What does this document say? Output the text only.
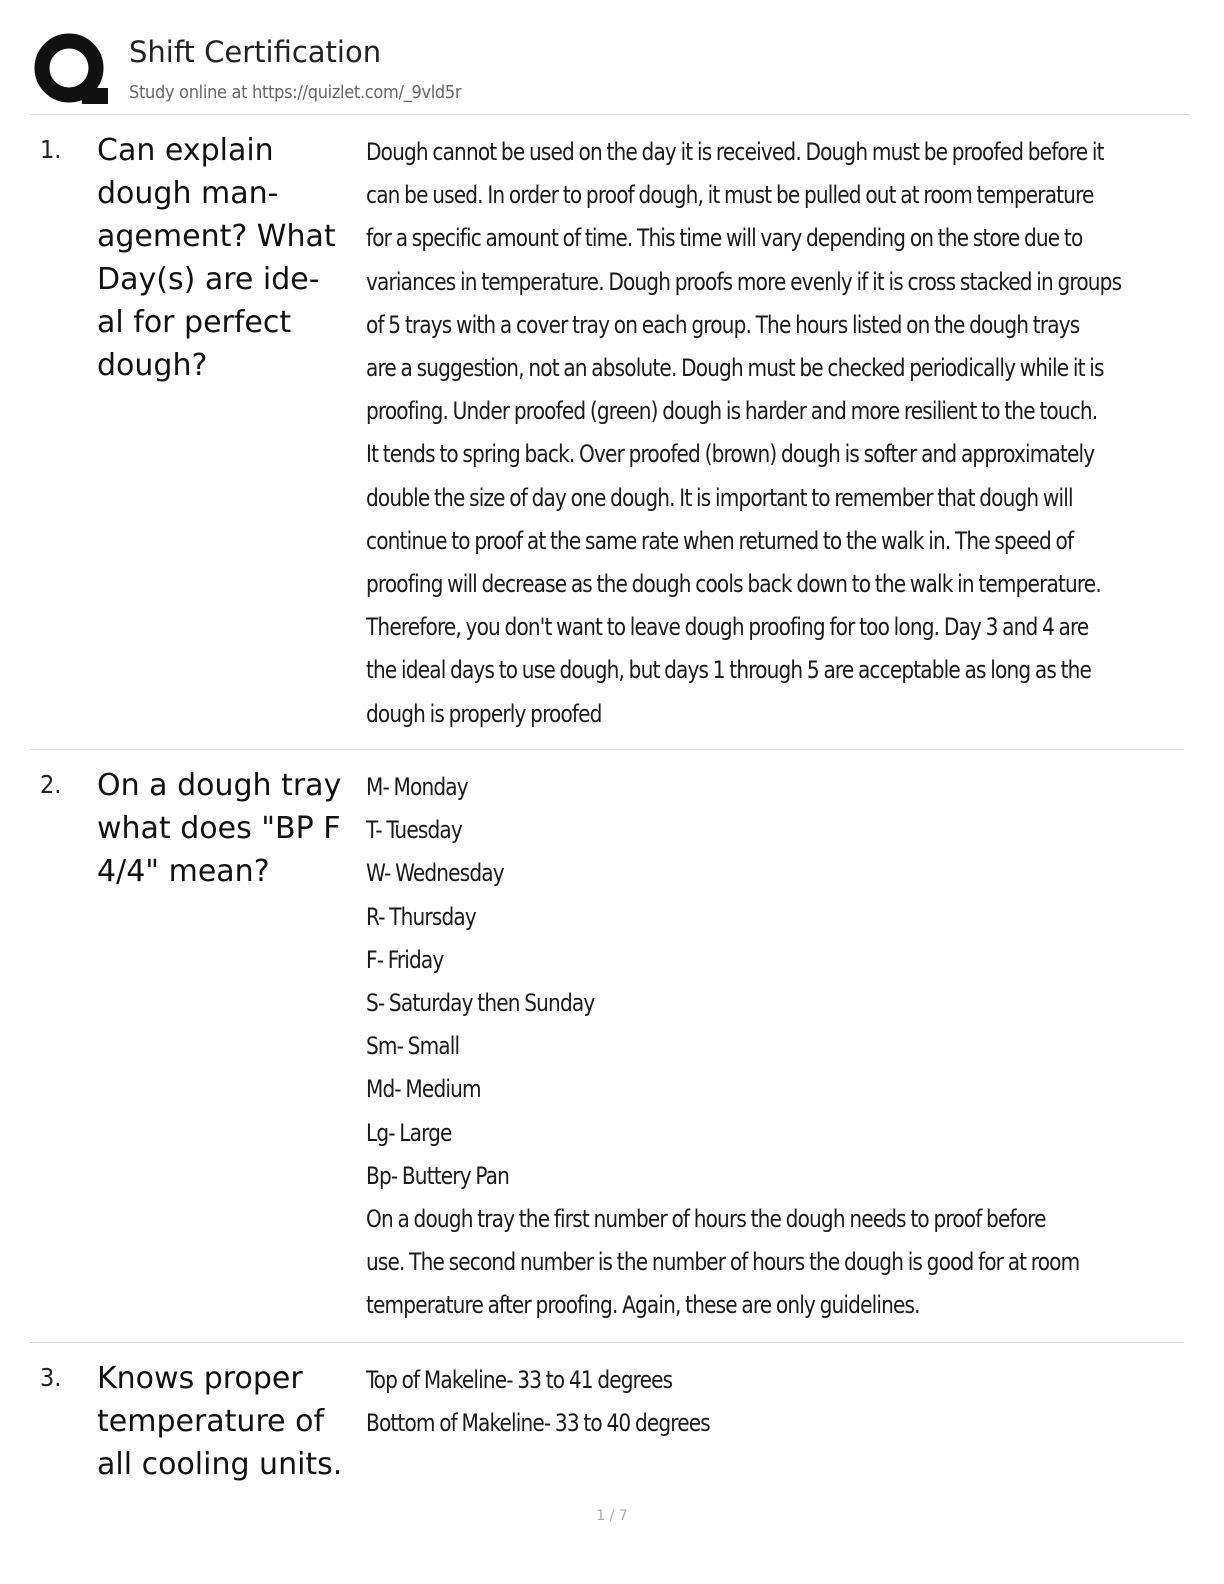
Shift Certification
Study online at https://quizlet.com/_9vld5r
1. Can explain
dough man-
agement? What
Day(s) are ide-
al for perfect
dough?
Dough cannot be used on the day it is received. Dough must be proofed before it
can be used. In order to proof dough, it must be pulled out at room temperature
for a specific amount of time. This time will vary depending on the store due to
variances in temperature. Dough proofs more evenly if it is cross stacked in groups
of 5 trays with a cover tray on each group. The hours listed on the dough trays
are a suggestion, not an absolute. Dough must be checked periodically while it is
proofing. Under proofed (green) dough is harder and more resilient to the touch.
It tends to spring back. Over proofed (brown) dough is softer and approximately
double the size of day one dough. It is important to remember that dough will
continue to proof at the same rate when returned to the walk in. The speed of
proofing will decrease as the dough cools back down to the walk in temperature.
Therefore, you don't want to leave dough proofing for too long. Day 3 and 4 are
the ideal days to use dough, but days 1 through 5 are acceptable as long as the
dough is properly proofed
2. On a dough tray
what does "BP F
4/4" mean?
M- Monday
T- Tuesday
W- Wednesday
R- Thursday
F- Friday
S- Saturday then Sunday
Sm- Small
Md- Medium
Lg- Large
Bp- Buttery Pan
On a dough tray the first number of hours the dough needs to proof before
use. The second number is the number of hours the dough is good for at room
temperature after proofing. Again, these are only guidelines.
3. Knows proper
temperature of
all cooling units.
Top of Makeline- 33 to 41 degrees
Bottom of Makeline- 33 to 40 degrees
1 / 7
